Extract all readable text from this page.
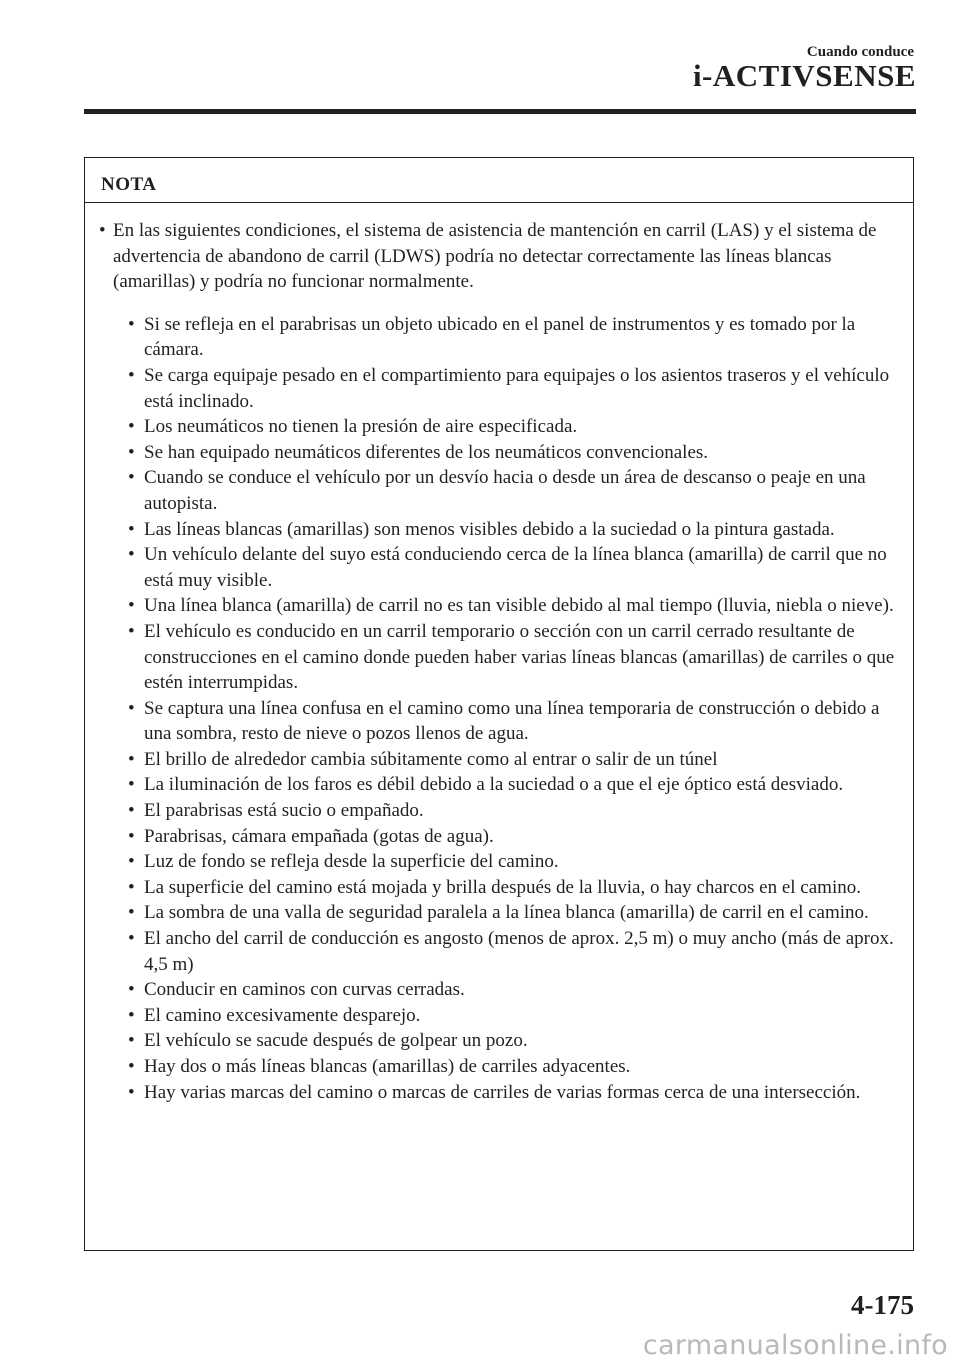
Cuando conduce
i-ACTIVSENSE
NOTA
• En las siguientes condiciones, el sistema de asistencia de mantención en carril (LAS) y el sistema de advertencia de abandono de carril (LDWS) podría no detectar correctamente las líneas blancas (amarillas) y podría no funcionar normalmente.
• Si se refleja en el parabrisas un objeto ubicado en el panel de instrumentos y es tomado por la cámara.
• Se carga equipaje pesado en el compartimiento para equipajes o los asientos traseros y el vehículo está inclinado.
• Los neumáticos no tienen la presión de aire especificada.
• Se han equipado neumáticos diferentes de los neumáticos convencionales.
• Cuando se conduce el vehículo por un desvío hacia o desde un área de descanso o peaje en una autopista.
• Las líneas blancas (amarillas) son menos visibles debido a la suciedad o la pintura gastada.
• Un vehículo delante del suyo está conduciendo cerca de la línea blanca (amarilla) de carril que no está muy visible.
• Una línea blanca (amarilla) de carril no es tan visible debido al mal tiempo (lluvia, niebla o nieve).
• El vehículo es conducido en un carril temporario o sección con un carril cerrado resultante de construcciones en el camino donde pueden haber varias líneas blancas (amarillas) de carriles o que estén interrumpidas.
• Se captura una línea confusa en el camino como una línea temporaria de construcción o debido a una sombra, resto de nieve o pozos llenos de agua.
• El brillo de alrededor cambia súbitamente como al entrar o salir de un túnel
• La iluminación de los faros es débil debido a la suciedad o a que el eje óptico está desviado.
• El parabrisas está sucio o empañado.
• Parabrisas, cámara empañada (gotas de agua).
• Luz de fondo se refleja desde la superficie del camino.
• La superficie del camino está mojada y brilla después de la lluvia, o hay charcos en el camino.
• La sombra de una valla de seguridad paralela a la línea blanca (amarilla) de carril en el camino.
• El ancho del carril de conducción es angosto (menos de aprox. 2,5 m) o muy ancho (más de aprox. 4,5 m)
• Conducir en caminos con curvas cerradas.
• El camino excesivamente desparejo.
• El vehículo se sacude después de golpear un pozo.
• Hay dos o más líneas blancas (amarillas) de carriles adyacentes.
• Hay varias marcas del camino o marcas de carriles de varias formas cerca de una intersección.
4-175
carmanualsonline.info
